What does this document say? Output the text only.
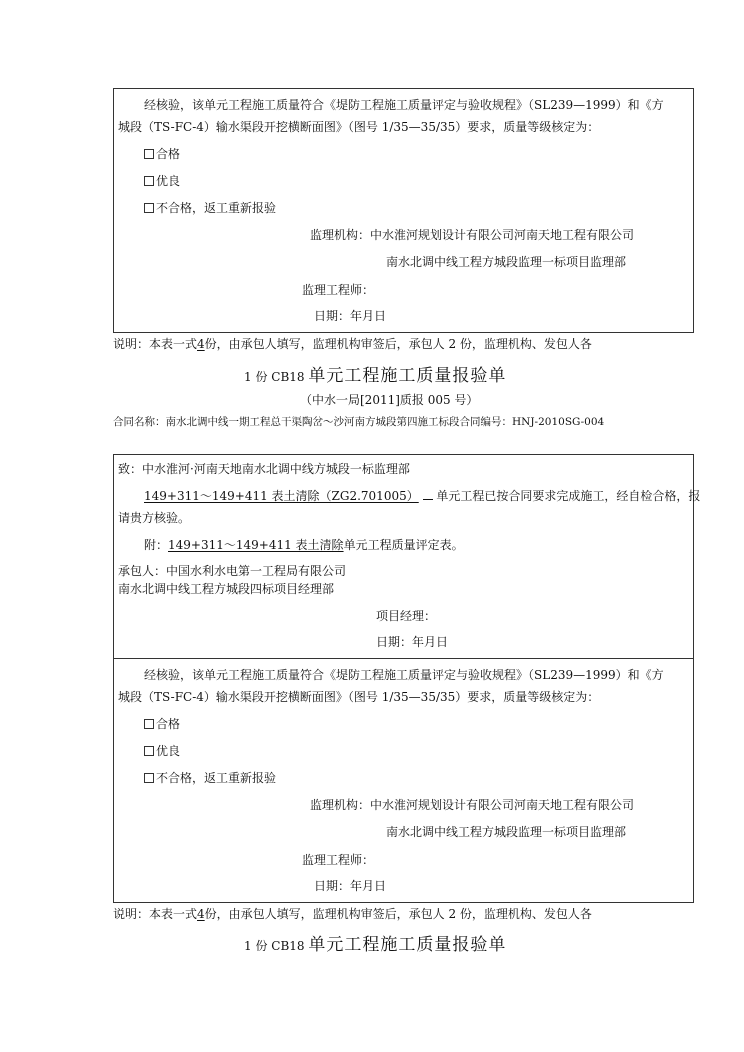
经核验，该单元工程施工质量符合《堤防工程施工质量评定与验收规程》（SL239—1999）和《方
城段（TS-FC-4）输水渠段开挖横断面图》（图号 1/35—35/35）要求，质量等级核定为：
合格
优良
不合格，返工重新报验
监理机构：中水淮河规划设计有限公司河南天地工程有限公司
南水北调中线工程方城段监理一标项目监理部
监理工程师：
日期：年月日
说明：本表一式4份，由承包人填写，监理机构审签后，承包人 2 份，监理机构、发包人各
1 份 CB18 单元工程施工质量报验单
（中水一局[2011]质报 005 号）
合同名称：南水北调中线一期工程总干渠陶岔～沙河南方城段第四施工标段合同编号：HNJ-2010SG-004
致：中水淮河·河南天地南水北调中线方城段一标监理部
149+311～149+411 表土清除（ZG2.701005） 单元工程已按合同要求完成施工，经自检合格，报
请贵方核验。
附：149+311～149+411 表土清除单元工程质量评定表。
承包人：中国水利水电第一工程局有限公司
南水北调中线工程方城段四标项目经理部
项目经理：
日期：年月日
经核验，该单元工程施工质量符合《堤防工程施工质量评定与验收规程》（SL239—1999）和《方
城段（TS-FC-4）输水渠段开挖横断面图》（图号 1/35—35/35）要求，质量等级核定为：
合格
优良
不合格，返工重新报验
监理机构：中水淮河规划设计有限公司河南天地工程有限公司
南水北调中线工程方城段监理一标项目监理部
监理工程师：
日期：年月日
说明：本表一式4份，由承包人填写，监理机构审签后，承包人 2 份，监理机构、发包人各
1 份 CB18 单元工程施工质量报验单
